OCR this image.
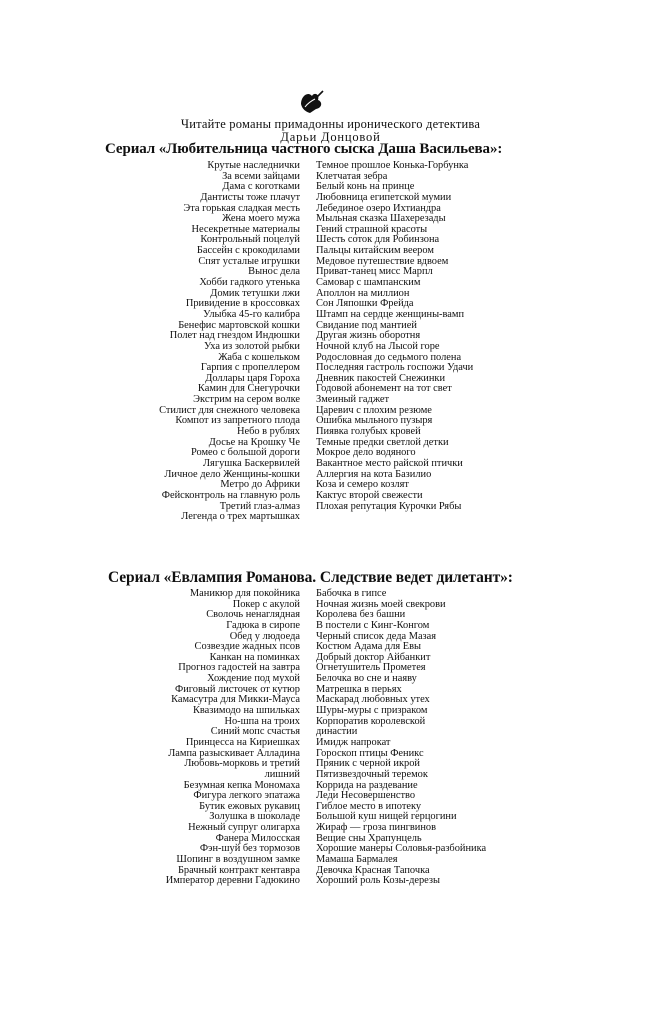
Читайте романы примадонны иронического детектива
Дарьи Донцовой
Сериал «Любительница частного сыска Даша Васильева»:
Крутые наследнички
За всеми зайцами
Дама с коготками
Дантисты тоже плачут
Эта горькая сладкая месть
Жена моего мужа
Несекретные материалы
Контрольный поцелуй
Бассейн с крокодилами
Спят усталые игрушки
Вынос дела
Хобби гадкого утенька
Домик тетушки лжи
Привидение в кроссовках
Улыбка 45-го калибра
Бенефис мартовской кошки
Полет над гнездом Индюшки
Уха из золотой рыбки
Жаба с кошельком
Гарпия с пропеллером
Доллары царя Гороха
Камин для Снегурочки
Экстрим на сером волке
Стилист для снежного человека
Компот из запретного плода
Небо в рублях
Досье на Крошку Че
Ромео с большой дороги
Лягушка Баскервилей
Личное дело Женщины-кошки
Метро до Африки
Фейсконтроль на главную роль
Третий глаз-алмаз
Легенда о трех мартышках
Темное прошлое Конька-Горбунка
Клетчатая зебра
Белый конь на принце
Любовница египетской мумии
Лебединое озеро Ихтиандра
Мыльная сказка Шахерезады
Гений страшной красоты
Шесть соток для Робинзона
Пальцы китайским веером
Медовое путешествие вдвоем
Приват-танец мисс Марпл
Самовар с шампанским
Аполлон на миллион
Сон Ляпошки Фрейда
Штамп на сердце женщины-вамп
Свидание под мантией
Другая жизнь оборотня
Ночной клуб на Лысой горе
Родословная до седьмого полена
Последняя гастроль госпожи Удачи
Дневник пакостей Снежинки
Годовой абонемент на тот свет
Змеиный гаджет
Царевич с плохим резюме
Ошибка мыльного пузыря
Пиявка голубых кровей
Темные предки светлой детки
Мокрое дело водяного
Вакантное место райской птички
Аллергия на кота Базилио
Коза и семеро козлят
Кактус второй свежести
Плохая репутация Курочки Рябы
Сериал «Евлампия Романова. Следствие ведет дилетант»:
Маникюр для покойника
Покер с акулой
Сволочь ненаглядная
Гадюка в сиропе
Обед у людоеда
Созвездие жадных псов
Канкан на поминках
Прогноз гадостей на завтра
Хождение под мухой
Фиговый листочек от кутюр
Камасутра для Микки-Мауса
Квазимодо на шпильках
Но-шпа на троих
Синий мопс счастья
Принцесса на Кириешках
Лампа разыскивает Алладина
Любовь-морковь и третий
лишний
Безумная кепка Мономаха
Фигура легкого эпатажа
Бутик ежовых рукавиц
Золушка в шоколаде
Нежный супруг олигарха
Фанера Милосская
Фэн-шуй без тормозов
Шопинг в воздушном замке
Брачный контракт кентавра
Император деревни Гадюкино
Бабочка в гипсе
Ночная жизнь моей свекрови
Королева без башни
В постели с Кинг-Конгом
Черный список деда Мазая
Костюм Адама для Евы
Добрый доктор Айбанкит
Огнетушитель Прометея
Белочка во сне и наяву
Матрешка в перьях
Маскарад любовных утех
Шуры-муры с призраком
Корпоратив королевской
династии
Имидж напрокат
Гороскоп птицы Феникс
Пряник с черной икрой
Пятизвездочный теремок
Коррида на раздевание
Леди Несовершенство
Гиблое место в ипотеку
Большой куш нищей герцогини
Жираф — гроза пингвинов
Вещие сны Храпунцель
Хорошие манеры Соловья-разбойника
Мамаша Бармалея
Девочка Красная Тапочка
Хороший роль Козы-дерезы
